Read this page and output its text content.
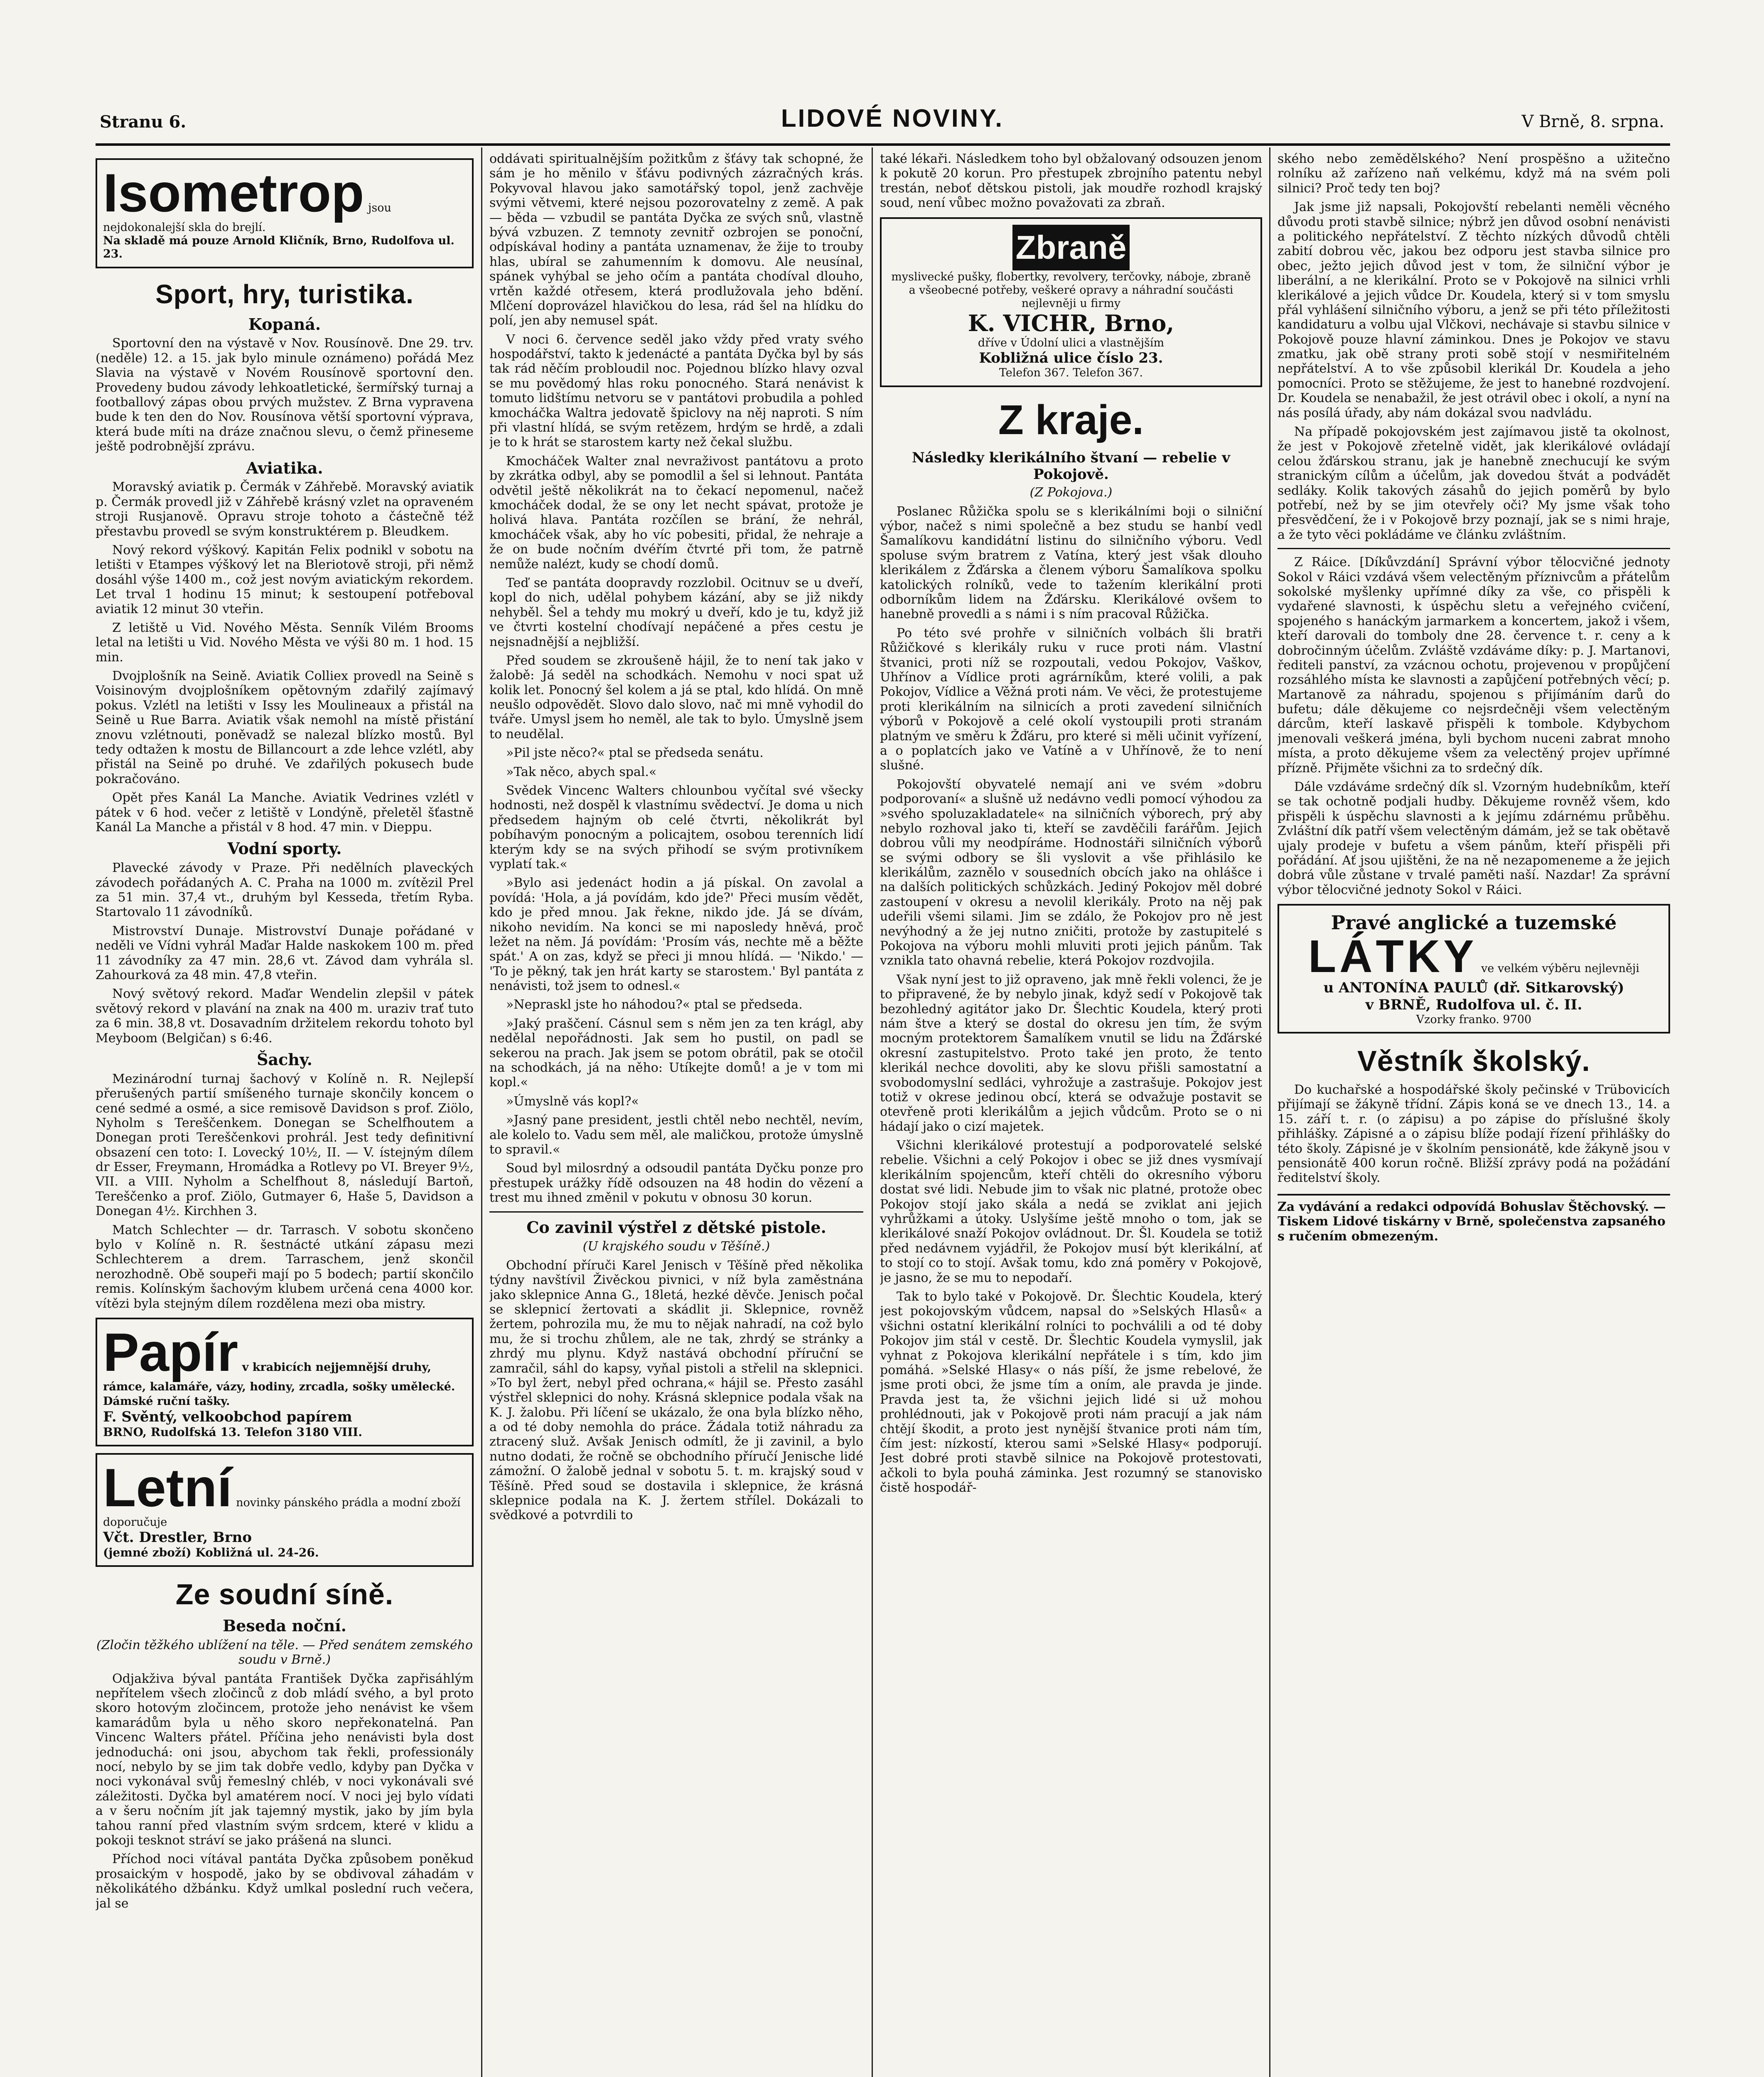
Stranu 6.	LIDOVÉ NOVINY.	V Brně, 8. srpna.
Isometrop jsou nejdokonalejší skla do brejlí.
Na skladě má pouze Arnold Kličník, Brno, Rudolfova ul. 23.
Sport, hry, turistika.
Kopaná.

Sportovní den na výstavě v Nov. Rousínově. Dne 29. trv. (neděle) 12. a 15. jak bylo minule oznámeno) pořádá Mez Slavia na výstavě v Novém Rousínově sportovní den. Provedeny budou závody lehkoatletické, šermířský turnaj a footballový zápas obou prvých mužstev. Z Brna vypravena bude k ten den do Nov. Rousínova větší sportovní výprava, která bude míti na dráze značnou slevu, o čemž přineseme ještě podrobnější zprávu.

Aviatika.

Moravský aviatik p. Čermák v Záhřebě. Moravský aviatik p. Čermák provedl již v Záhřebě krásný vzlet na opraveném stroji Rusjanově. Opravu stroje tohoto a částečně též přestavbu provedl se svým konstruktérem p. Bleudkem.

Nový rekord výškový. Kapitán Felix podnikl v sobotu na letišti v Etampes výškový let na Bleriotově stroji, při němž dosáhl výše 1400 m., což jest novým aviatickým rekordem. Let trval 1 hodinu 15 minut; k sestoupení potřeboval aviatik 12 minut 30 vteřin.

Z letiště u Vid. Nového Města. Senník Vilém Brooms letal na letišti u Vid. Nového Města ve výši 80 m. 1 hod. 15 min.

Dvojplošník na Seině. Aviatik Colliex provedl na Seině s Voisinovým dvojplošníkem opětovným zdařilý zajímavý pokus. Vzlétl na letišti v Issy les Moulineaux a přistál na Seině u Rue Barra. Aviatik však nemohl na místě přistání znovu vzlétnouti, poněvadž se nalezal blízko mostů. Byl tedy odtažen k mostu de Billancourt a zde lehce vzlétl, aby přistál na Seině po druhé. Ve zdařilých pokusech bude pokračováno.

Opět přes Kanál La Manche. Aviatik Vedrines vzlétl v pátek v 6 hod. večer z letiště v Londýně, přeletěl šťastně Kanál La Manche a přistál v 8 hod. 47 min. v Dieppu.

Vodní sporty.

Plavecké závody v Praze. Při nedělních plaveckých závodech pořádaných A. C. Praha na 1000 m. zvítězil Prel za 51 min. 37,4 vt., druhým byl Kesseda, třetím Ryba. Startovalo 11 závodníků.

Mistrovství Dunaje. Mistrovství Dunaje pořádané v neděli ve Vídni vyhrál Maďar Halde naskokem 100 m. před 11 závodníky za 47 min. 28,6 vt. Závod dam vyhrála sl. Zahourková za 48 min. 47,8 vteřin.

Nový světový rekord. Maďar Wendelin zlepšil v pátek světový rekord v plavání na znak na 400 m. uraziv trať tuto za 6 min. 38,8 vt. Dosavadním držitelem rekordu tohoto byl Meyboom (Belgičan) s 6:46.

Šachy.

Mezinárodní turnaj šachový v Kolíně n. R. Nejlepší přerušených partií smíšeného turnaje skončily koncem o cené sedmé a osmé, a sice remisově Davidson s prof. Ziölo, Nyholm s Tereščenkem. Donegan se Schelfhoutem a Donegan proti Tereščenkovi prohrál. Jest tedy definitivní obsazení cen toto: I. Lovecký 10½, II. — V. ístejným dílem dr Esser, Freymann, Hromádka a Rotlevy po VI. Breyer 9½, VII. a VIII. Nyholm a Schelfhout 8, následují Bartoň, Tereščenko a prof. Ziölo, Gutmayer 6, Haše 5, Davidson a Donegan 4½. Kirchhen 3.

Match Schlechter — dr. Tarrasch. V sobotu skončeno bylo v Kolíně n. R. šestnácté utkání zápasu mezi Schlechterem a drem. Tarraschem, jenž skončil nerozhodně. Obě soupeři mají po 5 bodech; partií skončilo remis. Kolínským šachovým klubem určená cena 4000 kor. vítězi byla stejným dílem rozdělena mezi oba mistry.

Papír v krabicích nejjemnější druhy, rámce, kalamáře, vázy, hodiny, zrcadla, sošky umělecké. Dámské ruční tašky.
F. Svěntý, velkoobchod papírem
BRNO, Rudolfská 13. Telefon 3180 VIII.
Letní novinky pánského prádla a modní zboží doporučuje
Včt. Drestler, Brno
(jemné zboží) Kobližná ul. 24-26.
Ze soudní síně.
Beseda noční.
(Zločin těžkého ublížení na těle. — Před senátem zemského soudu v Brně.)

Odjakživa býval pantáta František Dyčka zapřisáhlým nepřítelem všech zločinců z dob mládí svého, a byl proto skoro hotovým zločincem, protože jeho nenávist ke všem kamarádům byla u něho skoro nepřekonatelná. Pan Vincenc Walters přátel. Příčina jeho nenávisti byla dost jednoduchá: oni jsou, abychom tak řekli, professionály nocí, nebylo by se jim tak dobře vedlo, kdyby pan Dyčka v noci vykonával svůj řemeslný chléb, v noci vykonávali své záležitosti. Dyčka byl amatérem nocí. V noci jej bylo vídati a v šeru nočním jít jak tajemný mystik, jako by jím byla tahou ranní před vlastním svým srdcem, které v klidu a pokoji tesknot stráví se jako prášená na slunci.

Příchod noci vítával pantáta Dyčka způsobem poněkud prosaickým v hospodě, jako by se obdivoval záhadám v několikátého džbánku. Když umlkal poslední ruch večera, jal se

oddávati spiritualnějším požitkům z šťávy tak schopné, že sám je ho měnilo v šťávu podivných zázračných krás. Pokyvoval hlavou jako samotářský topol, jenž zachvěje svými větvemi, které nejsou pozorovatelny z země. A pak — běda — vzbudil se pantáta Dyčka ze svých snů, vlastně bývá vzbuzen. Z temnoty zevnitř ozbrojen se ponoční, odpískával hodiny a pantáta uznamenav, že žije to trouby hlas, ubíral se zahumenním k domovu. Ale neusínal, spánek vyhýbal se jeho očím a pantáta chodíval dlouho, vrtěn každé otřesem, která prodlužovala jeho bdění. Mlčení doprovázel hlavičkou do lesa, rád šel na hlídku do polí, jen aby nemusel spát.

V noci 6. července seděl jako vždy před vraty svého hospodářství, takto k jedenácté a pantáta Dyčka byl by sás tak rád něčím probloudil noc. Pojednou blízko hlavy ozval se mu povědomý hlas roku ponocného. Stará nenávist k tomuto lidštímu netvoru se v pantátovi probudila a pohled kmocháčka Waltra jedovatě špiclovy na něj naproti. S ním při vlastní hlídá, se svým retězem, hrdým se hrdě, a zdali je to k hrát se starostem karty než čekal službu.

Kmocháček Walter znal nevraživost pantátovu a proto by zkrátka odbyl, aby se pomodlil a šel si lehnout. Pantáta odvětil ještě několikrát na to čekací nepomenul, načež kmocháček dodal, že se ony let necht spávat, protože je holivá hlava. Pantáta rozčílen se brání, že nehrál, kmocháček však, aby ho víc pobesiti, přidal, že nehraje a že on bude nočním dvéřím čtvrté při tom, že patrně nemůže nalézt, kudy se chodí domů.

Teď se pantáta doopravdy rozzlobil. Ocitnuv se u dveří, kopl do nich, udělal pohybem kázání, aby se již nikdy nehyběl. Šel a tehdy mu mokrý u dveří, kdo je tu, když již ve čtvrti kostelní chodívají nepáčené a přes cestu je nejsnadnější a nejbližší.

Před soudem se zkroušeně hájil, že to není tak jako v žalobě: Já seděl na schodkách. Nemohu v noci spat už kolik let. Ponocný šel kolem a já se ptal, kdo hlídá. On mně neušlo odpovědět. Slovo dalo slovo, nač mi mně vyhodil do tváře. Umysl jsem ho neměl, ale tak to bylo. Úmyslně jsem to neudělal.

»Pil jste něco?« ptal se předseda senátu.

»Tak něco, abych spal.«

Svědek Vincenc Walters chlounbou vyčítal své všecky hodnosti, než dospěl k vlastnímu svědectví. Je doma u nich předsedem hajným ob celé čtvrti, několikrát byl pobíhavým ponocným a policajtem, osobou terenních lidí kterým kdy se na svých přihodí se svým protivníkem vyplatí tak.«

»Bylo asi jedenáct hodin a já pískal. On zavolal a povídá: 'Hola, a já povídám, kdo jde?' Přeci musím vědět, kdo je před mnou. Jak řekne, nikdo jde. Já se dívám, nikoho nevidím. Na konci se mi naposledy hněvá, proč ležet na něm. Já povídám: 'Prosím vás, nechte mě a běžte spát.' A on zas, když se přeci ji mnou hlídá. — 'Nikdo.' — 'To je pěkný, tak jen hrát karty se starostem.' Byl pantáta z nenávisti, tož jsem to odnesl.«

»Nepraskl jste ho náhodou?« ptal se předseda.

»Jaký praščení. Cásnul sem s něm jen za ten krágl, aby nedělal nepořádnosti. Jak sem ho pustil, on padl se sekerou na prach. Jak jsem se potom obrátil, pak se otočil na schodkách, já na něho: Utíkejte domů! a je v tom mi kopl.«

»Úmyslně vás kopl?«

»Jasný pane president, jestli chtěl nebo nechtěl, nevím, ale kolelo to. Vadu sem měl, ale maličkou, protože úmyslně to spravil.«

Soud byl milosrdný a odsoudil pantáta Dyčku ponze pro přestupek urážky řídě odsouzen na 48 hodin do vězení a trest mu ihned změnil v pokutu v obnosu 30 korun.

Co zavinil výstřel z dětské pistole.
(U krajského soudu v Těšíně.)

Obchodní příruči Karel Jenisch v Těšíně před několika týdny navštívil Živěckou pivnici, v níž byla zaměstnána jako sklepnice Anna G., 18letá, hezké děvče. Jenisch počal se sklepnicí žertovati a skádlit ji. Sklepnice, rovněž žertem, pohrozila mu, že mu to nějak nahradí, na což bylo mu, že si trochu zhůlem, ale ne tak, zhrdý se stránky a zhrdý mu plynu. Když nastává obchodní příruční se zamračil, sáhl do kapsy, vyňal pistoli a střelil na sklepnici. »To byl žert, nebyl před ochrana,« hájil se. Přesto zasáhl výstřel sklepnici do nohy. Krásná sklepnice podala však na K. J. žalobu. Při líčení se ukázalo, že ona byla blízko něho, a od té doby nemohla do práce. Žádala totiž náhradu za ztracený služ. Avšak Jenisch odmítl, že ji zavinil, a bylo nutno dodati, že ročně se obchodního příručí Jenische lidé zámožní. O žalobě jednal v sobotu 5. t. m. krajský soud v Těšíně. Před soud se dostavila i sklepnice, že krásná sklepnice podala na K. J. žertem střílel. Dokázali to svědkové a potvrdili to

také lékaři. Následkem toho byl obžalovaný odsouzen jenom k pokutě 20 korun. Pro přestupek zbrojního patentu nebyl trestán, neboť dětskou pistoli, jak moudře rozhodl krajský soud, není vůbec možno považovati za zbraň.

Zbraně
myslivecké pušky, flobertky, revolvery, terčovky, náboje, zbraně a všeobecné potřeby, veškeré opravy a náhradní součásti nejlevněji u firmy
K. VICHR, Brno,
dříve v Údolní ulici a vlastnějším
Kobližná ulice číslo 23.
Telefon 367. Telefon 367.
Z kraje.
Následky klerikálního štvaní — rebelie v Pokojově.
(Z Pokojova.)

Poslanec Růžička spolu se s klerikálními boji o silniční výbor, načež s nimi společně a bez studu se hanbí vedl Šamalíkovu kandidátní listinu do silničního výboru. Vedl spoluse svým bratrem z Vatína, který jest však dlouho klerikálem z Žďárska a členem výboru Šamalíkova spolku katolických rolníků, vede to tažením klerikální proti odborníkům lidem na Žďársku. Klerikálové ovšem to hanebně provedli a s námi i s ním pracoval Růžička.

Po této své prohře v silničních volbách šli bratři Růžičkové s klerikály ruku v ruce proti nám. Vlastní štvanici, proti níž se rozpoutali, vedou Pokojov, Vaškov, Uhřínov a Vídlice proti agrárníkům, které volili, a pak Pokojov, Vídlice a Věžná proti nám. Ve věci, že protestujeme proti klerikálním na silnicích a proti zavedení silničních výborů v Pokojově a celé okolí vystoupili proti stranám platným ve směru k Žďáru, pro které si měli učinit vyřízení, a o poplatcích jako ve Vatíně a v Uhřínově, že to není slušné.

Pokojovští obyvatelé nemají ani ve svém »dobru podporovaní« a slušně už nedávno vedli pomocí výhodou za »svého spoluzakladatele« na silničních výborech, prý aby nebylo rozhoval jako ti, kteří se zavděčili farářům. Jejich dobrou vůli my neodpíráme. Hodnostáři silničních výborů se svými odbory se šli vyslovit a vše přihlásilo ke klerikálům, zaznělo v sousedních obcích jako na ohlášce i na dalších politických schůzkách. Jediný Pokojov měl dobré zastoupení v okresu a nevolil klerikály. Proto na něj pak udeřili všemi silami. Jim se zdálo, že Pokojov pro ně jest nevýhodný a že jej nutno zničiti, protože by zastupitelé s Pokojova na výboru mohli mluviti proti jejich pánům. Tak vznikla tato ohavná rebelie, která Pokojov rozdvojila.

Však nyní jest to již opraveno, jak mně řekli volenci, že je to připravené, že by nebylo jinak, když sedí v Pokojově tak bezohledný agitátor jako Dr. Šlechtic Koudela, který proti nám štve a který se dostal do okresu jen tím, že svým mocným protektorem Šamalíkem vnutil se lidu na Žďárské okresní zastupitelstvo. Proto také jen proto, že tento klerikál nechce dovoliti, aby ke slovu přišli samostatní a svobodomyslní sedláci, vyhrožuje a zastrašuje. Pokojov jest totiž v okrese jedinou obcí, která se odvažuje postavit se otevřeně proti klerikálům a jejich vůdcům. Proto se o ni hádají jako o cizí majetek.

Všichni klerikálové protestují a podporovatelé selské rebelie. Všichni a celý Pokojov i obec se již dnes vysmívají klerikálním spojencům, kteří chtěli do okresního výboru dostat své lidi. Nebude jim to však nic platné, protože obec Pokojov stojí jako skála a nedá se zviklat ani jejich vyhrůžkami a útoky. Uslyšíme ještě mnoho o tom, jak se klerikálové snaží Pokojov ovládnout. Dr. Šl. Koudela se totiž před nedávnem vyjádřil, že Pokojov musí být klerikální, ať to stojí co to stojí. Avšak tomu, kdo zná poměry v Pokojově, je jasno, že se mu to nepodaří.

Tak to bylo také v Pokojově. Dr. Šlechtic Koudela, který jest pokojovským vůdcem, napsal do »Selských Hlasů« a všichni ostatní klerikální rolníci to pochválili a od té doby Pokojov jim stál v cestě. Dr. Šlechtic Koudela vymyslil, jak vyhnat z Pokojova klerikální nepřátele i s tím, kdo jim pomáhá. »Selské Hlasy« o nás píší, že jsme rebelové, že jsme proti obci, že jsme tím a oním, ale pravda je jinde. Pravda jest ta, že všichni jejich lidé si už mohou prohlédnouti, jak v Pokojově proti nám pracují a jak nám chtějí škodit, a proto jest nynější štvanice proti nám tím, čím jest: nízkostí, kterou sami »Selské Hlasy« podporují. Jest dobré proti stavbě silnice na Pokojově protestovati, ačkoli to byla pouhá záminka. Jest rozumný se stanovisko čistě hospodář-

ského nebo zemědělského? Není prospěšno a užitečno rolníku až zařízeno naň velkému, když má na svém poli silnici? Proč tedy ten boj?

Jak jsme již napsali, Pokojovští rebelanti neměli věcného důvodu proti stavbě silnice; nýbrž jen důvod osobní nenávisti a politického nepřátelství. Z těchto nízkých důvodů chtěli zabití dobrou věc, jakou bez odporu jest stavba silnice pro obec, ježto jejich důvod jest v tom, že silniční výbor je liberální, a ne klerikální. Proto se v Pokojově na silnici vrhli klerikálové a jejich vůdce Dr. Koudela, který si v tom smyslu přál vyhlášení silničního výboru, a jenž se při této příležitosti kandidaturu a volbu ujal Vlčkovi, nechávaje si stavbu silnice v Pokojově pouze hlavní záminkou. Dnes je Pokojov ve stavu zmatku, jak obě strany proti sobě stojí v nesmiřitelném nepřátelství. A to vše způsobil klerikál Dr. Koudela a jeho pomocníci. Proto se stěžujeme, že jest to hanebné rozdvojení. Dr. Koudela se nenabažil, že jest otrávil obec i okolí, a nyní na nás posílá úřady, aby nám dokázal svou nadvládu.

Na případě pokojovském jest zajímavou jistě ta okolnost, že jest v Pokojově zřetelně vidět, jak klerikálové ovládají celou žďárskou stranu, jak je hanebně znechucují ke svým stranickým cílům a účelům, jak dovedou štvát a podvádět sedláky. Kolik takových zásahů do jejich poměrů by bylo potřebí, než by se jim otevřely oči? My jsme však toho přesvědčení, že i v Pokojově brzy poznají, jak se s nimi hraje, a že tyto věci pokládáme ve článku zvláštním.

Z Ráice. [Díkůvzdání] Správní výbor tělocvičné jednoty Sokol v Ráici vzdává všem velectěným příznivcům a přátelům sokolské myšlenky upřímné díky za vše, co přispěli k vydařené slavnosti, k úspěchu sletu a veřejného cvičení, spojeného s hanáckým jarmarkem a koncertem, jakož i všem, kteří darovali do tomboly dne 28. července t. r. ceny a k dobročinným účelům. Zvláště vzdáváme díky: p. J. Martanovi, řediteli panství, za vzácnou ochotu, projevenou v propůjčení rozsáhlého místa ke slavnosti a zapůjčení potřebných věcí; p. Martanově za náhradu, spojenou s přijímáním darů do bufetu; dále děkujeme co nejsrdečněji všem velectěným dárcům, kteří laskavě přispěli k tombole. Kdybychom jmenovali veškerá jména, byli bychom nuceni zabrat mnoho místa, a proto děkujeme všem za velectěný projev upřímné přízně. Přijměte všichni za to srdečný dík.

Dále vzdáváme srdečný dík sl. Vzorným hudebníkům, kteří se tak ochotně podjali hudby. Děkujeme rovněž všem, kdo přispěli k úspěchu slavnosti a k jejímu zdárnému průběhu. Zvláštní dík patří všem velectěným dámám, jež se tak obětavě ujaly prodeje v bufetu a všem pánům, kteří přispěli při pořádání. Ať jsou ujištěni, že na ně nezapomeneme a že jejich dobrá vůle zůstane v trvalé paměti naší. Nazdar! Za správní výbor tělocvičné jednoty Sokol v Ráici.

Pravé anglické a tuzemské
LÁTKY ve velkém výběru nejlevněji
u ANTONÍNA PAULŮ (dř. Sitkarovský)
v BRNĚ, Rudolfova ul. č. II.
Vzorky franko. 9700
Věstník školský.

Do kuchařské a hospodářské školy pečinské v Trübovicích přijímají se žákyně třídní. Zápis koná se ve dnech 13., 14. a 15. září t. r. (o zápisu) a po zápise do příslušné školy přihlášky. Zápisné a o zápisu blíže podají řízení přihlášky do této školy. Zápisné je v školním pensionátě, kde žákyně jsou v pensionátě 400 korun ročně. Bližší zprávy podá na požádání ředitelství školy.

Za vydávání a redakci odpovídá Bohuslav Štěchovský. — Tiskem Lidové tiskárny v Brně, společenstva zapsaného s ručením obmezeným.
